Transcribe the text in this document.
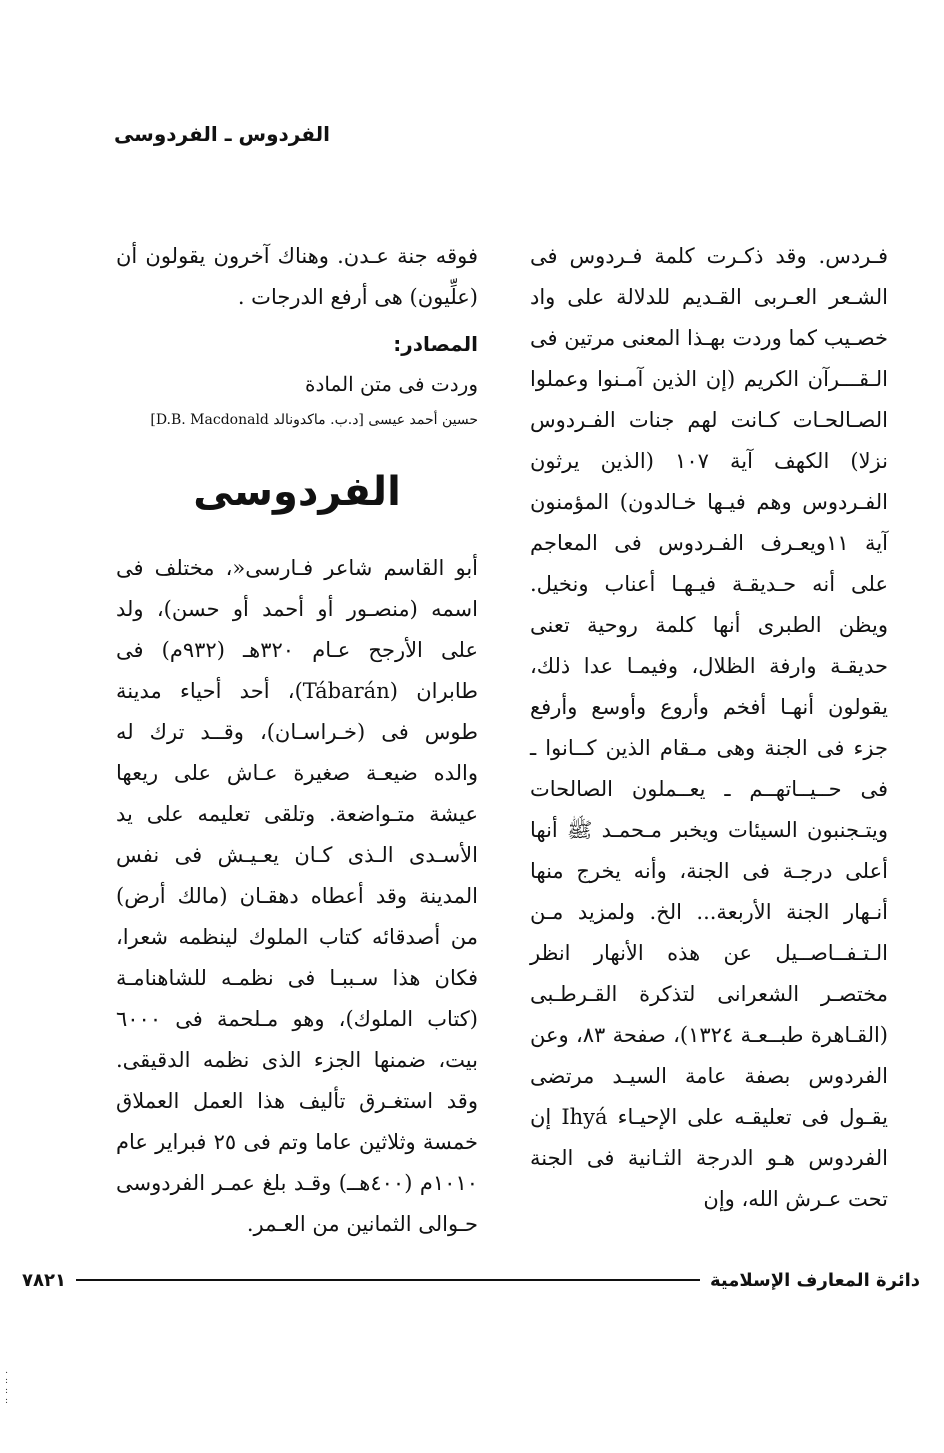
الفردوس ـ الفردوسى

فـردس. وقد ذكـرت كلمة فـردوس فى الشـعر العـربى القـديم للدلالة على واد خصـيب كما وردت بهـذا المعنى مرتين فى الـقـــرآن الكريم (إن الذين آمـنوا وعملوا الصـالحـات كـانت لهم جنات الفـردوس نزلا) الكهف آية ١٠٧ (الذين يرثون الفـردوس وهم فيـها خـالدون) المؤمنون آية ١١ويعـرف الفـردوس فى المعاجم على أنه حـديقـة فيـهـا أعناب ونخيل. ويظن الطبرى أنها كلمة روحية تعنى حديقـة وارفة الظلال، وفيمـا عدا ذلك، يقولون أنهـا أفخم وأروع وأوسع وأرفع جزء فى الجنة وهى مـقام الذين كــانوا ـ فى حــيــاتهــم ـ يعــملون الصالحات ويتـجنبون السيئات ويخبر مـحمـد ﷺ أنها أعلى درجـة فى الجنة، وأنه يخرج منها أنـهار الجنة الأربعة... الخ. ولمزيد مـن الـتـفــاصــيل عن هذه الأنهار انظر مختصـر الشعرانى لتذكرة القـرطـبى (القـاهرة طبــعـة ١٣٢٤)، صفحة ٨٣، وعن الفردوس بصفة عامة السيـد مرتضى يقـول فى تعليقـه على الإحيـاء Ihyá إن الفردوس هـو الدرجة الثـانية فى الجنة تحت عـرش الله، وإن

فوقه جنة عـدن. وهناك آخرون يقولون أن (علِّيون) هى أرفع الدرجات .

المصادر:

وردت فى متن المادة

حسين أحمد عيسى [د.ب. ماكدونالد D.B. Macdonald]

الفردوسى

أبو القاسم شاعر فـارسى«، مختلف فى اسمه (منصـور أو أحمد أو حسن)، ولد على الأرجح عـام ٣٢٠هـ (٩٣٢م) فى طابران (Tábarán)، أحد أحياء مدينة طوس فى (خـراسـان)، وقــد ترك له والده ضيعـة صغيرة عـاش على ريعها عيشة متـواضعة. وتلقى تعليمه على يد الأسـدى الـذى كـان يعـيـش فى نفس المدينة وقد أعطاه دهقـان (مالك أرض) من أصدقائه كتاب الملوك لينظمه شعرا، فكان هذا سـببـا فى نظمـه للشاهنامـة (كتاب الملوك)، وهو مـلحمة فى ٦٠٠٠ بيت، ضمنها الجزء الذى نظمه الدقيقى. وقد استغـرق تأليف هذا العمل العملاق خمسة وثلاثين عاما وتم فى ٢٥ فبراير عام ١٠١٠م (٤٠٠هــ) وقـد بلغ عمـر الفردوسى حـوالى الثمانين من العـمر.

دائرة المعارف الإسلامية
٧٨٢١
. : : :
